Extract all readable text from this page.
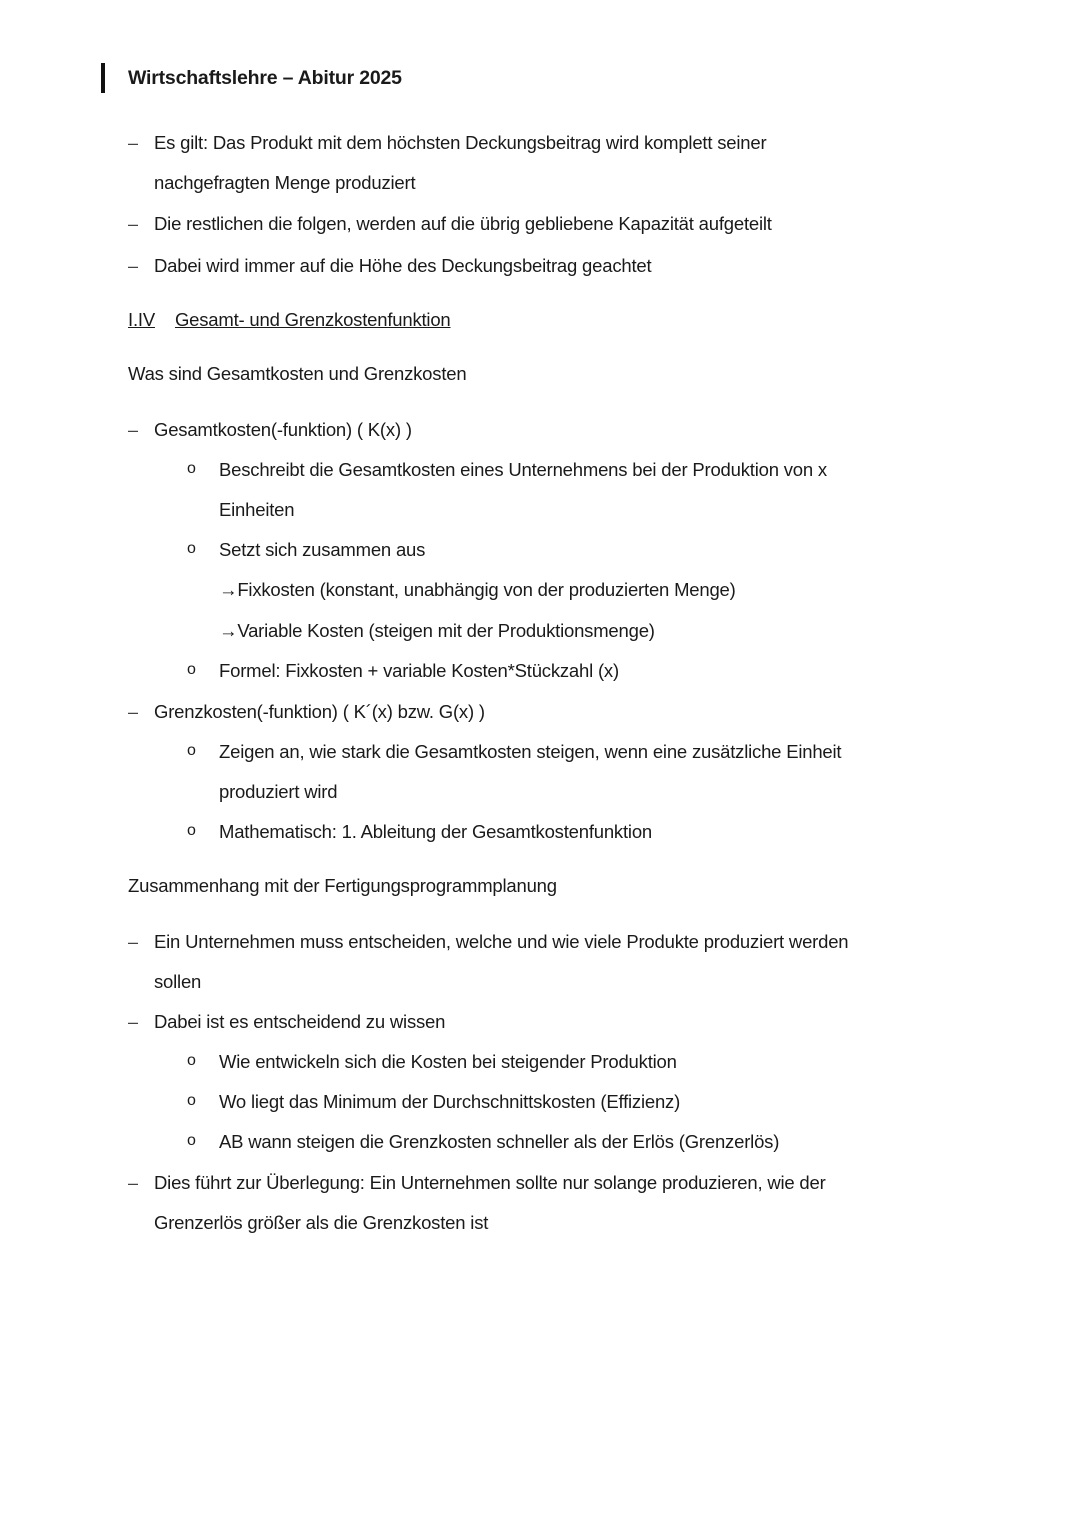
Wirtschaftslehre – Abitur 2025
– Es gilt: Das Produkt mit dem höchsten Deckungsbeitrag wird komplett seiner
nachgefragten Menge produziert
– Die restlichen die folgen, werden auf die übrig gebliebene Kapazität aufgeteilt
– Dabei wird immer auf die Höhe des Deckungsbeitrag geachtet
I.IV Gesamt- und Grenzkostenfunktion
Was sind Gesamtkosten und Grenzkosten
– Gesamtkosten(-funktion) ( K(x) )
o Beschreibt die Gesamtkosten eines Unternehmens bei der Produktion von x
Einheiten
o Setzt sich zusammen aus
→Fixkosten (konstant, unabhängig von der produzierten Menge)
→Variable Kosten (steigen mit der Produktionsmenge)
o Formel: Fixkosten + variable Kosten*Stückzahl (x)
– Grenzkosten(-funktion) ( K´(x) bzw. G(x) )
o Zeigen an, wie stark die Gesamtkosten steigen, wenn eine zusätzliche Einheit
produziert wird
o Mathematisch: 1. Ableitung der Gesamtkostenfunktion
Zusammenhang mit der Fertigungsprogrammplanung
– Ein Unternehmen muss entscheiden, welche und wie viele Produkte produziert werden
sollen
– Dabei ist es entscheidend zu wissen
o Wie entwickeln sich die Kosten bei steigender Produktion
o Wo liegt das Minimum der Durchschnittskosten (Effizienz)
o AB wann steigen die Grenzkosten schneller als der Erlös (Grenzerlös)
– Dies führt zur Überlegung: Ein Unternehmen sollte nur solange produzieren, wie der
Grenzerlös größer als die Grenzkosten ist
